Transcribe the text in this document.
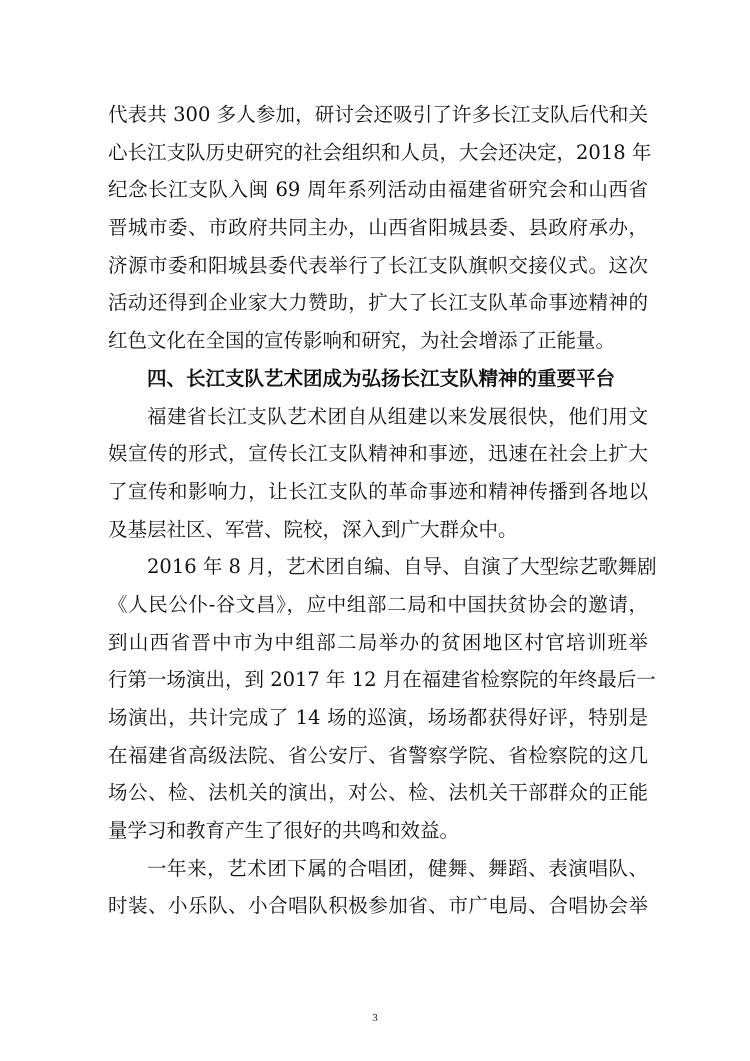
代表共 300 多人参加，研讨会还吸引了许多长江支队后代和关
心长江支队历史研究的社会组织和人员，大会还决定，2018 年
纪念长江支队入闽 69 周年系列活动由福建省研究会和山西省
晋城市委、市政府共同主办，山西省阳城县委、县政府承办，
济源市委和阳城县委代表举行了长江支队旗帜交接仪式。这次
活动还得到企业家大力赞助，扩大了长江支队革命事迹精神的
红色文化在全国的宣传影响和研究，为社会增添了正能量。
四、长江支队艺术团成为弘扬长江支队精神的重要平台
福建省长江支队艺术团自从组建以来发展很快，他们用文
娱宣传的形式，宣传长江支队精神和事迹，迅速在社会上扩大
了宣传和影响力，让长江支队的革命事迹和精神传播到各地以
及基层社区、军营、院校，深入到广大群众中。
2016 年 8 月，艺术团自编、自导、自演了大型综艺歌舞剧
《人民公仆-谷文昌》，应中组部二局和中国扶贫协会的邀请，
到山西省晋中市为中组部二局举办的贫困地区村官培训班举
行第一场演出，到 2017 年 12 月在福建省检察院的年终最后一
场演出，共计完成了 14 场的巡演，场场都获得好评，特别是
在福建省高级法院、省公安厅、省警察学院、省检察院的这几
场公、检、法机关的演出，对公、检、法机关干部群众的正能
量学习和教育产生了很好的共鸣和效益。
一年来，艺术团下属的合唱团，健舞、舞蹈、表演唱队、
时装、小乐队、小合唱队积极参加省、市广电局、合唱协会举
3
